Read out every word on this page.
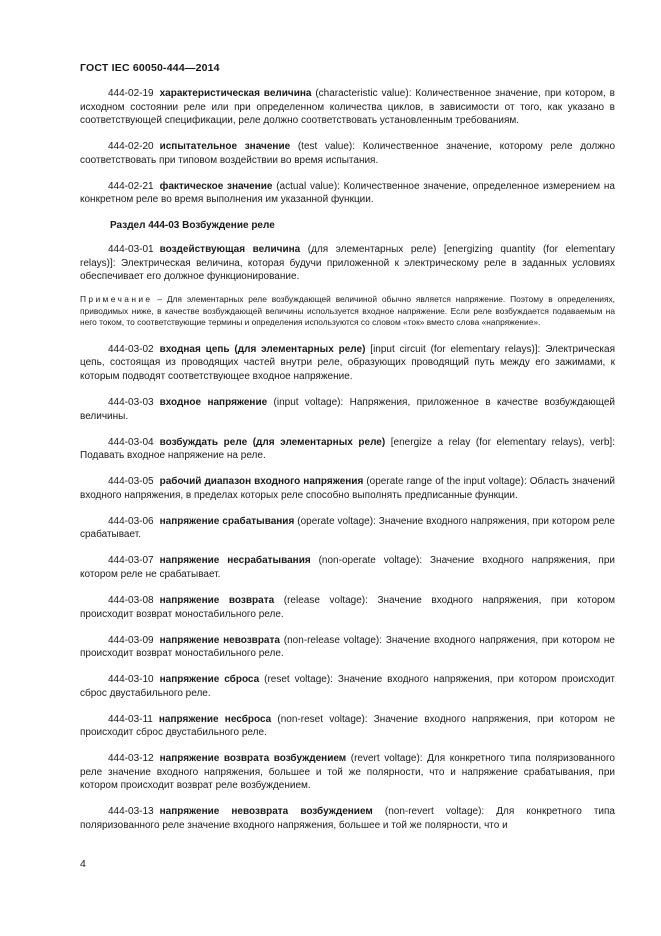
ГОСТ IEC 60050-444—2014

444-02-19 характеристическая величина (characteristic value): Количественное значение, при котором, в исходном состоянии реле или при определенном количества циклов, в зависимости от того, как указано в соответствующей спецификации, реле должно соответствовать установленным требованиям.

444-02-20 испытательное значение (test value): Количественное значение, которому реле должно соответствовать при типовом воздействии во время испытания.

444-02-21 фактическое значение (actual value): Количественное значение, определенное измерением на конкретном реле во время выполнения им указанной функции.

Раздел 444-03 Возбуждение реле

444-03-01 воздействующая величина (для элементарных реле) [energizing quantity (for elementary relays)]: Электрическая величина, которая будучи приложенной к электрическому реле в заданных условиях обеспечивает его должное функционирование.

Примечание – Для элементарных реле возбуждающей величиной обычно является напряжение. Поэтому в определениях, приводимых ниже, в качестве возбуждающей величины используется входное напряжение. Если реле возбуждается подаваемым на него током, то соответствующие термины и определения используются со словом «ток» вместо слова «напряжение».

444-03-02 входная цепь (для элементарных реле) [input circuit (for elementary relays)]: Электрическая цепь, состоящая из проводящих частей внутри реле, образующих проводящий путь между его зажимами, к которым подводят соответствующее входное напряжение.

444-03-03 входное напряжение (input voltage): Напряжения, приложенное в качестве возбуждающей величины.

444-03-04 возбуждать реле (для элементарных реле) [energize a relay (for elementary relays), verb]: Подавать входное напряжение на реле.

444-03-05 рабочий диапазон входного напряжения (operate range of the input voltage): Область значений входного напряжения, в пределах которых реле способно выполнять предписанные функции.

444-03-06 напряжение срабатывания (operate voltage): Значение входного напряжения, при котором реле срабатывает.

444-03-07 напряжение несрабатывания (non-operate voltage): Значение входного напряжения, при котором реле не срабатывает.

444-03-08 напряжение возврата (release voltage): Значение входного напряжения, при котором происходит возврат моностабильного реле.

444-03-09 напряжение невозврата (non-release voltage): Значение входного напряжения, при котором не происходит возврат моностабильного реле.

444-03-10 напряжение сброса (reset voltage): Значение входного напряжения, при котором происходит сброс двустабильного реле.

444-03-11 напряжение несброса (non-reset voltage): Значение входного напряжения, при котором не происходит сброс двустабильного реле.

444-03-12 напряжение возврата возбуждением (revert voltage): Для конкретного типа поляризованного реле значение входного напряжения, большее и той же полярности, что и напряжение срабатывания, при котором происходит возврат реле возбуждением.

444-03-13 напряжение невозврата возбуждением (non-revert voltage): Для конкретного типа поляризованного реле значение входного напряжения, большее и той же полярности, что и

4
